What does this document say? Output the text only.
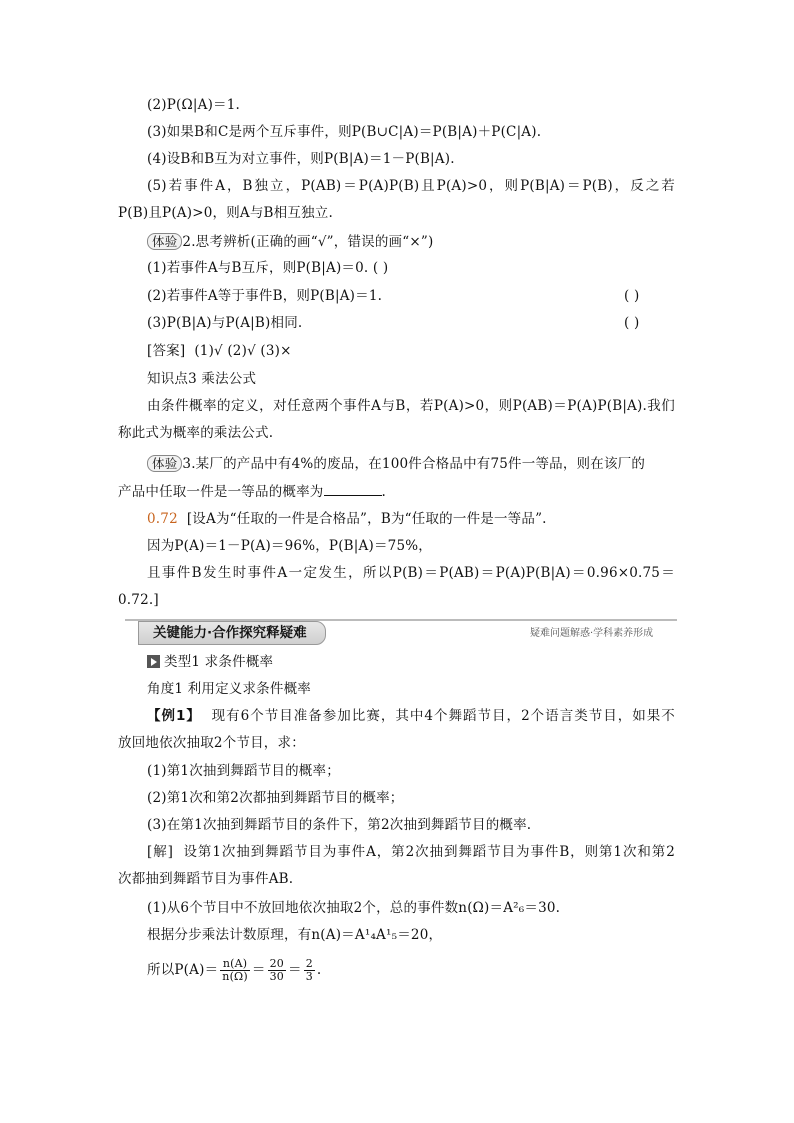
(2)P(Ω|A)＝1.
(3)如果B和C是两个互斥事件，则P(B∪C|A)＝P(B|A)＋P(C|A).
(4)设B和B互为对立事件，则P(B|A)＝1－P(B|A).
(5)若事件A，B独立，P(AB)＝P(A)P(B)且P(A)>0，则P(B|A)＝P(B)，反之若
P(B)且P(A)>0，则A与B相互独立.
体验 2.思考辨析(正确的画“√”，错误的画“×”)
(1)若事件A与B互斥，则P(B|A)＝0. ( )
(2)若事件A等于事件B，则P(B|A)＝1.	( )
(3)P(B|A)与P(A|B)相同.	( )
[答案] (1)√ (2)√ (3)×
知识点3 乘法公式
由条件概率的定义，对任意两个事件A与B，若P(A)>0，则P(AB)＝P(A)P(B|A).我们
称此式为概率的乘法公式.
体验 3.某厂的产品中有4%的废品，在100件合格品中有75件一等品，则在该厂的
产品中任取一件是一等品的概率为	.
0.72 [设A为“任取的一件是合格品”，B为“任取的一件是一等品”.
因为P(A)＝1－P(A)＝96%，P(B|A)＝75%，
且事件B发生时事件A一定发生，所以P(B)＝P(AB)＝P(A)P(B|A)＝0.96×0.75＝
0.72.]
关键能力·合作探究释疑难	疑难问题解惑·学科素养形成
类型1 求条件概率
角度1 利用定义求条件概率
【例1】 现有6个节目准备参加比赛，其中4个舞蹈节目，2个语言类节目，如果不
放回地依次抽取2个节目，求：
(1)第1次抽到舞蹈节目的概率；
(2)第1次和第2次都抽到舞蹈节目的概率；
(3)在第1次抽到舞蹈节目的条件下，第2次抽到舞蹈节目的概率.
[解] 设第1次抽到舞蹈节目为事件A，第2次抽到舞蹈节目为事件B，则第1次和第2
次都抽到舞蹈节目为事件AB.
(1)从6个节目中不放回地依次抽取2个，总的事件数n(Ω)＝A²₆＝30.
根据分步乘法计数原理，有n(A)＝A¹₄A¹₅＝20，
所以$P(A)= \frac{n(A)}{n(\Omega)} = \frac{20}{30} = \frac{2}{3}$ .
